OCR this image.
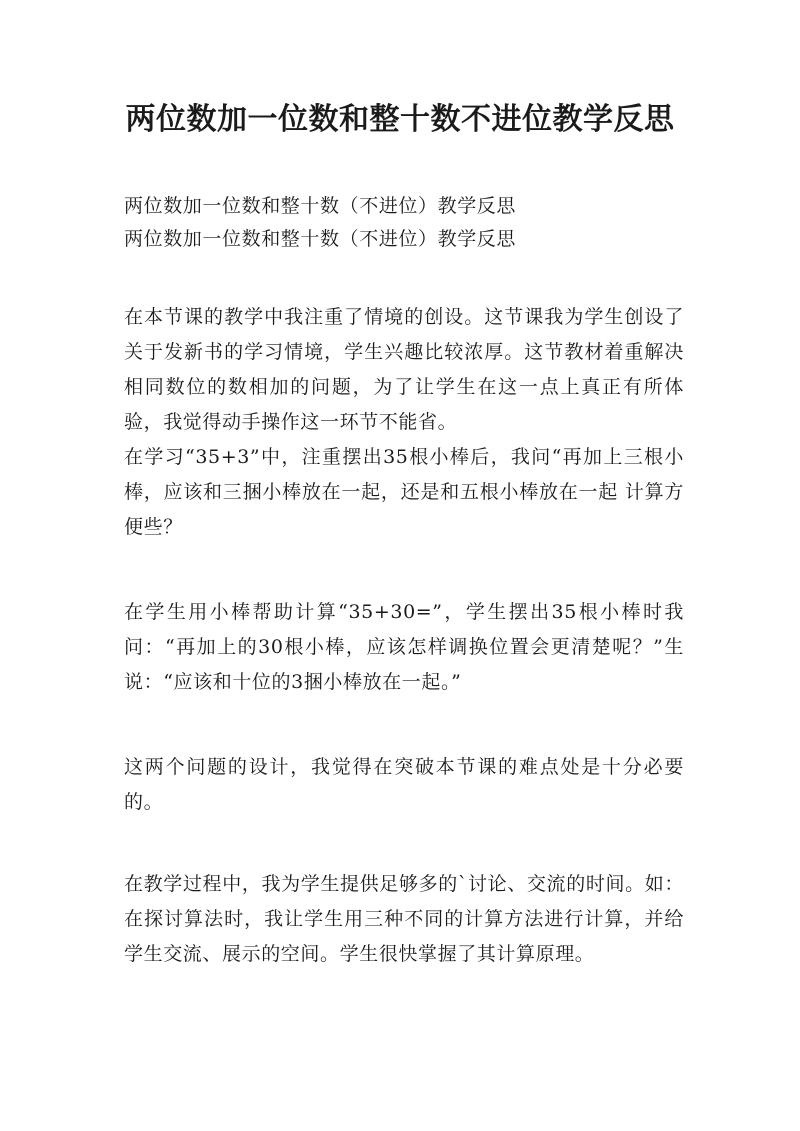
两位数加一位数和整十数不进位教学反思
两位数加一位数和整十数（不进位）教学反思
两位数加一位数和整十数（不进位）教学反思
在本节课的教学中我注重了情境的创设。这节课我为学生创设了关于发新书的学习情境，学生兴趣比较浓厚。这节教材着重解决相同数位的数相加的问题，为了让学生在这一点上真正有所体验，我觉得动手操作这一环节不能省。
在学习“35+3”中，注重摆出35根小棒后，我问“再加上三根小棒，应该和三捆小棒放在一起，还是和五根小棒放在一起 计算方便些？

在学生用小棒帮助计算“35+30=”，学生摆出35根小棒时我问：“再加上的30根小棒，应该怎样调换位置会更清楚呢？”生说：“应该和十位的3捆小棒放在一起。”

这两个问题的设计，我觉得在突破本节课的难点处是十分必要的。

在教学过程中，我为学生提供足够多的`讨论、交流的时间。如：在探讨算法时，我让学生用三种不同的计算方法进行计算，并给学生交流、展示的空间。学生很快掌握了其计算原理。
